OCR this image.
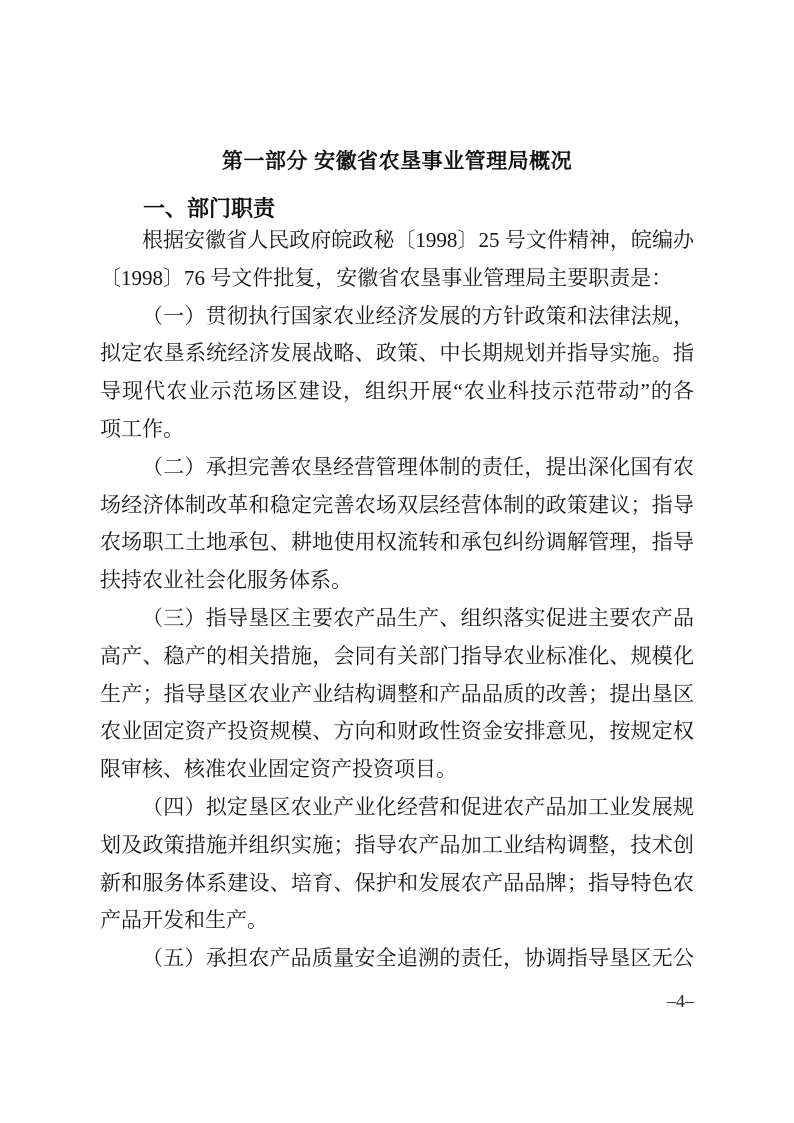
第一部分 安徽省农垦事业管理局概况
一、部门职责
根据安徽省人民政府皖政秘〔1998〕25 号文件精神，皖编办
〔1998〕76 号文件批复，安徽省农垦事业管理局主要职责是：
（一）贯彻执行国家农业经济发展的方针政策和法律法规，
拟定农垦系统经济发展战略、政策、中长期规划并指导实施。指
导现代农业示范场区建设，组织开展“农业科技示范带动”的各
项工作。
（二）承担完善农垦经营管理体制的责任，提出深化国有农
场经济体制改革和稳定完善农场双层经营体制的政策建议；指导
农场职工土地承包、耕地使用权流转和承包纠纷调解管理，指导
扶持农业社会化服务体系。
（三）指导垦区主要农产品生产、组织落实促进主要农产品
高产、稳产的相关措施，会同有关部门指导农业标准化、规模化
生产；指导垦区农业产业结构调整和产品品质的改善；提出垦区
农业固定资产投资规模、方向和财政性资金安排意见，按规定权
限审核、核准农业固定资产投资项目。
（四）拟定垦区农业产业化经营和促进农产品加工业发展规
划及政策措施并组织实施；指导农产品加工业结构调整，技术创
新和服务体系建设、培育、保护和发展农产品品牌；指导特色农
产品开发和生产。
（五）承担农产品质量安全追溯的责任，协调指导垦区无公
–4–
